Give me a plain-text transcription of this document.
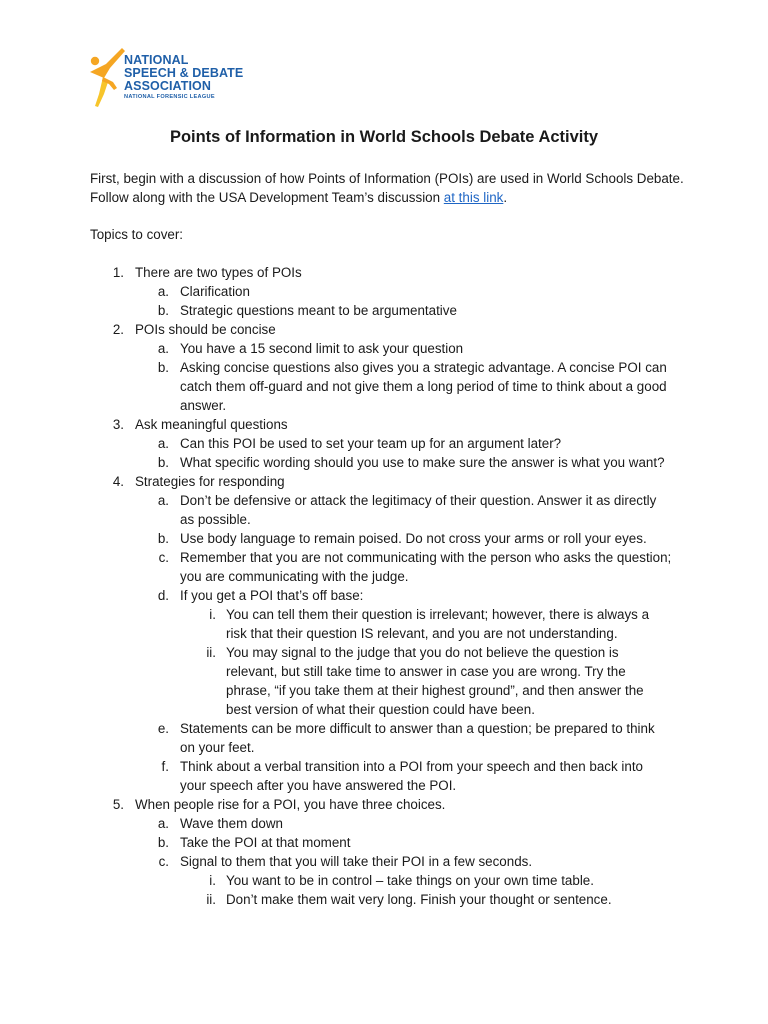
NATIONAL
SPEECH & DEBATE
ASSOCIATION
NATIONAL FORENSIC LEAGUE
Points of Information in World Schools Debate Activity
First, begin with a discussion of how Points of Information (POIs) are used in World Schools Debate. Follow along with the USA Development Team’s discussion at this link.
Topics to cover:
1. There are two types of POIs
a. Clarification
b. Strategic questions meant to be argumentative
2. POIs should be concise
a. You have a 15 second limit to ask your question
b. Asking concise questions also gives you a strategic advantage. A concise POI can catch them off-guard and not give them a long period of time to think about a good answer.
3. Ask meaningful questions
a. Can this POI be used to set your team up for an argument later?
b. What specific wording should you use to make sure the answer is what you want?
4. Strategies for responding
a. Don’t be defensive or attack the legitimacy of their question. Answer it as directly as possible.
b. Use body language to remain poised. Do not cross your arms or roll your eyes.
c. Remember that you are not communicating with the person who asks the question; you are communicating with the judge.
d. If you get a POI that’s off base:
i. You can tell them their question is irrelevant; however, there is always a risk that their question IS relevant, and you are not understanding.
ii. You may signal to the judge that you do not believe the question is relevant, but still take time to answer in case you are wrong. Try the phrase, “if you take them at their highest ground”, and then answer the best version of what their question could have been.
e. Statements can be more difficult to answer than a question; be prepared to think on your feet.
f. Think about a verbal transition into a POI from your speech and then back into your speech after you have answered the POI.
5. When people rise for a POI, you have three choices.
a. Wave them down
b. Take the POI at that moment
c. Signal to them that you will take their POI in a few seconds.
i. You want to be in control – take things on your own time table.
ii. Don’t make them wait very long. Finish your thought or sentence.
